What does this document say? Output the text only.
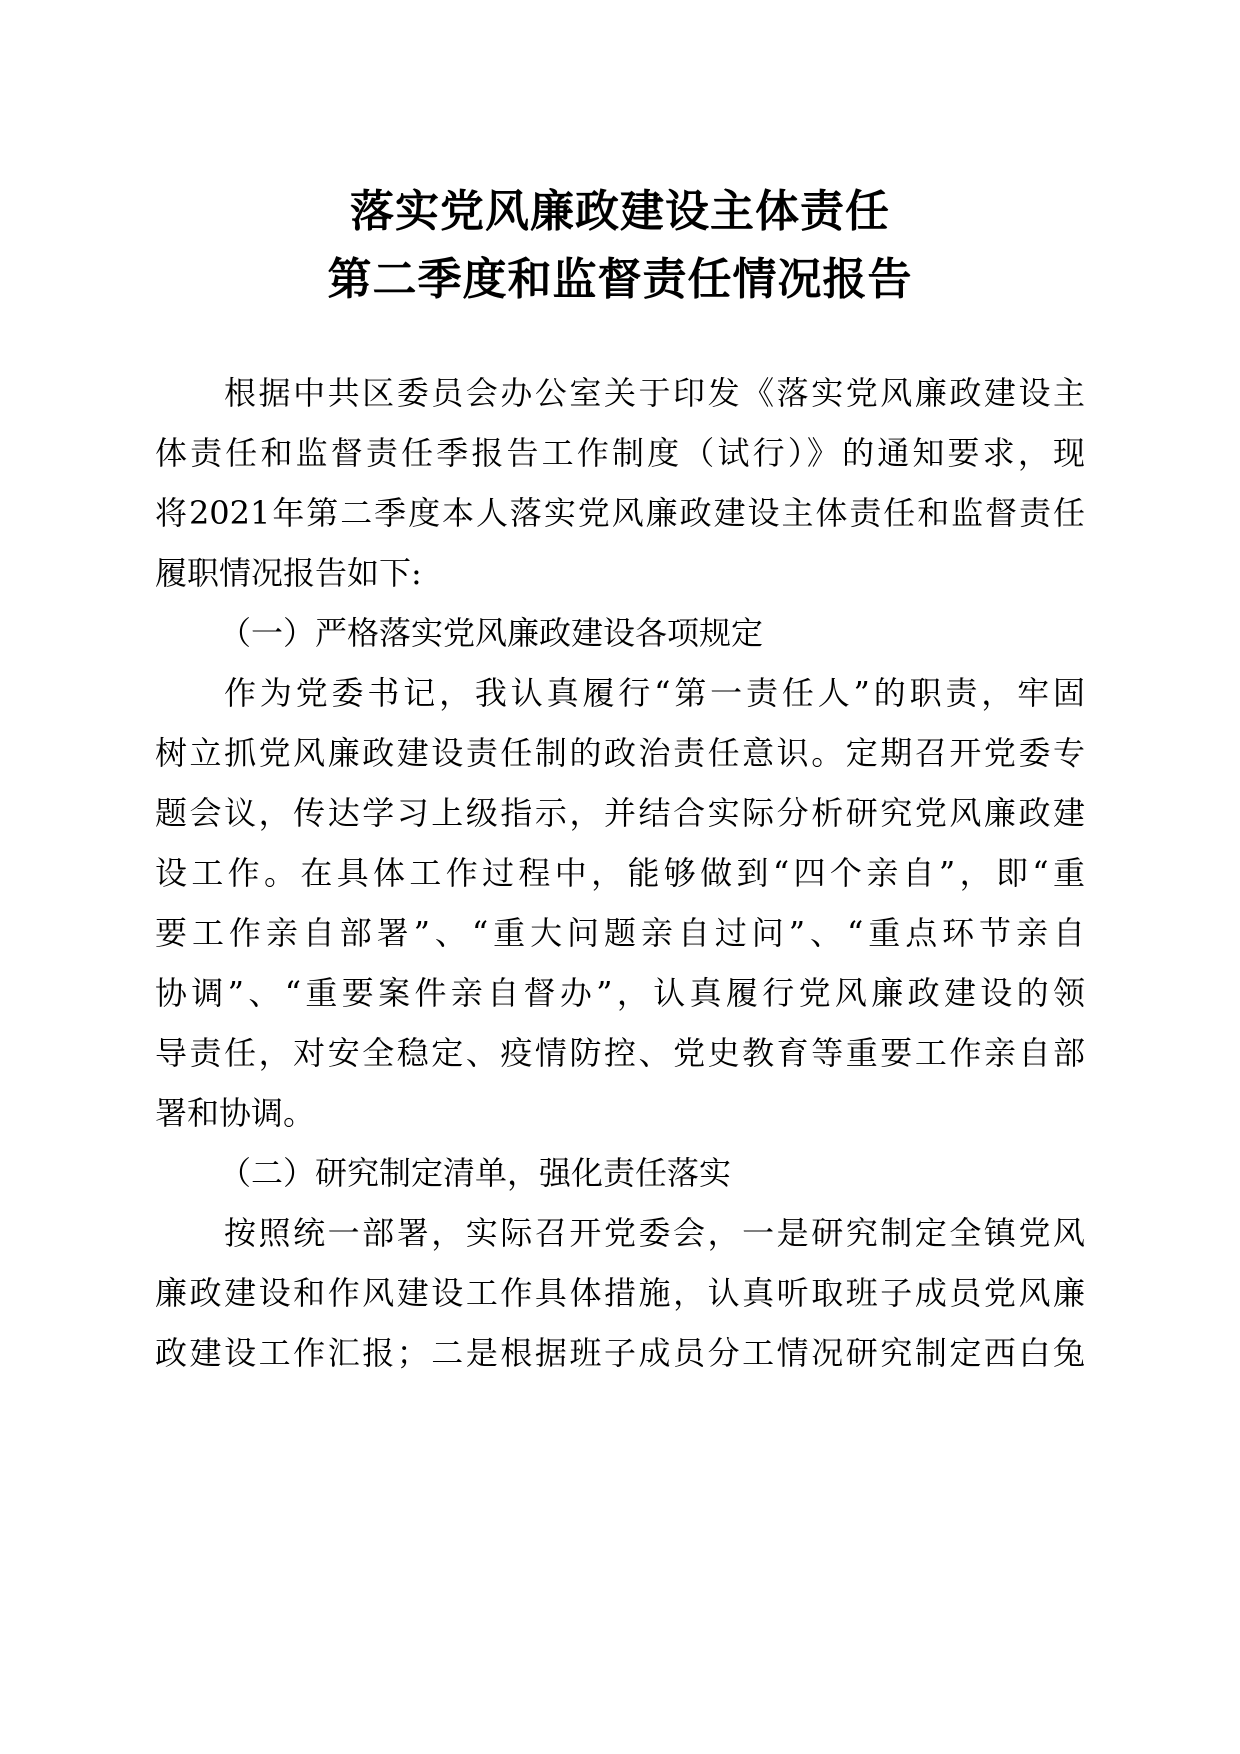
落实党风廉政建设主体责任
第二季度和监督责任情况报告
根据中共区委员会办公室关于印发《落实党风廉政建设主
体责任和监督责任季报告工作制度（试行）》的通知要求，现
将2021年第二季度本人落实党风廉政建设主体责任和监督责任
履职情况报告如下:
（一）严格落实党风廉政建设各项规定
作为党委书记，我认真履行“第一责任人”的职责，牢固
树立抓党风廉政建设责任制的政治责任意识。定期召开党委专
题会议，传达学习上级指示，并结合实际分析研究党风廉政建
设工作。在具体工作过程中，能够做到“四个亲自”，即“重
要工作亲自部署”、“重大问题亲自过问”、“重点环节亲自
协调”、“重要案件亲自督办”，认真履行党风廉政建设的领
导责任，对安全稳定、疫情防控、党史教育等重要工作亲自部
署和协调。
（二）研究制定清单，强化责任落实
按照统一部署，实际召开党委会，一是研究制定全镇党风
廉政建设和作风建设工作具体措施，认真听取班子成员党风廉
政建设工作汇报；二是根据班子成员分工情况研究制定西白兔
